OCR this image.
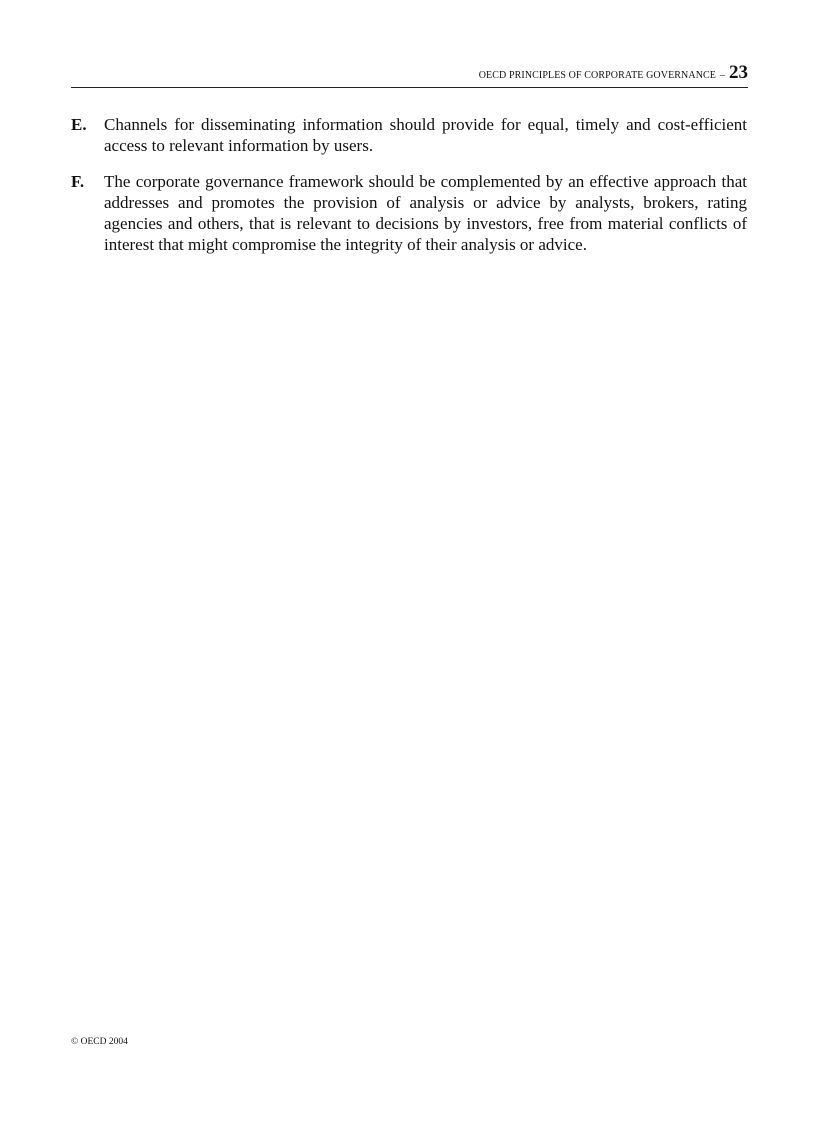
OECD PRINCIPLES OF CORPORATE GOVERNANCE – 23
E.	Channels for disseminating information should provide for equal, timely and cost-efficient access to relevant information by users.
F.	The corporate governance framework should be complemented by an effective approach that addresses and promotes the provision of analysis or advice by analysts, brokers, rating agencies and others, that is relevant to decisions by investors, free from material conflicts of interest that might compromise the integrity of their analysis or advice.
© OECD 2004
